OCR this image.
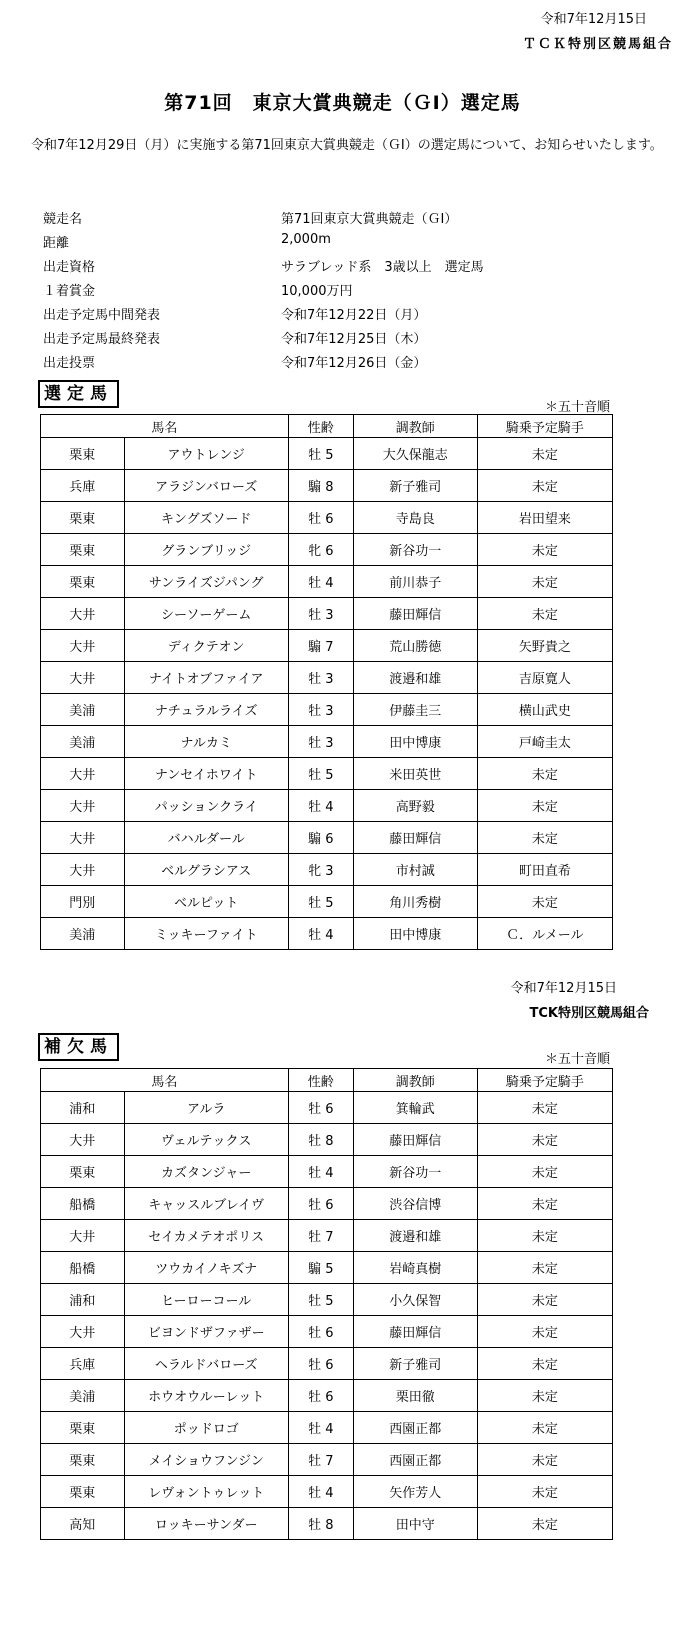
令和7年12月15日
ＴＣＫ特別区競馬組合
第71回　東京大賞典競走（ＧⅠ）選定馬
　令和7年12月29日（月）に実施する第71回東京大賞典競走（ＧⅠ）の選定馬について、お知らせいたします。
競走名	第71回東京大賞典競走（ＧⅠ）
距離	2,000m
出走資格	サラブレッド系　3歳以上　選定馬
１着賞金	10,000万円
出走予定馬中間発表	令和7年12月22日（月）
出走予定馬最終発表	令和7年12月25日（木）
出走投票	令和7年12月26日（金）
選定馬
＊五十音順
馬名		性齢	調教師	騎乗予定騎手
栗東	アウトレンジ	牡 5	大久保龍志	未定
兵庫	アラジンバローズ	騸 8	新子雅司	未定
栗東	キングズソード	牡 6	寺島良	岩田望来
栗東	グランブリッジ	牝 6	新谷功一	未定
栗東	サンライズジパング	牡 4	前川恭子	未定
大井	シーソーゲーム	牡 3	藤田輝信	未定
大井	ディクテオン	騸 7	荒山勝徳	矢野貴之
大井	ナイトオブファイア	牡 3	渡邉和雄	吉原寛人
美浦	ナチュラルライズ	牡 3	伊藤圭三	横山武史
美浦	ナルカミ	牡 3	田中博康	戸崎圭太
大井	ナンセイホワイト	牡 5	米田英世	未定
大井	パッションクライ	牡 4	高野毅	未定
大井	バハルダール	騸 6	藤田輝信	未定
大井	ベルグラシアス	牝 3	市村誠	町田直希
門別	ベルピット	牡 5	角川秀樹	未定
美浦	ミッキーファイト	牡 4	田中博康	Ｃ．ルメール
令和7年12月15日
TCK特別区競馬組合
補欠馬
＊五十音順
馬名		性齢	調教師	騎乗予定騎手
浦和	アルラ	牡 6	箕輪武	未定
大井	ヴェルテックス	牡 8	藤田輝信	未定
栗東	カズタンジャー	牡 4	新谷功一	未定
船橋	キャッスルブレイヴ	牡 6	渋谷信博	未定
大井	セイカメテオポリス	牡 7	渡邉和雄	未定
船橋	ツウカイノキズナ	騸 5	岩崎真樹	未定
浦和	ヒーローコール	牡 5	小久保智	未定
大井	ビヨンドザファザー	牡 6	藤田輝信	未定
兵庫	ヘラルドバローズ	牡 6	新子雅司	未定
美浦	ホウオウルーレット	牡 6	栗田徹	未定
栗東	ポッドロゴ	牡 4	西園正都	未定
栗東	メイショウフンジン	牡 7	西園正都	未定
栗東	レヴォントゥレット	牡 4	矢作芳人	未定
高知	ロッキーサンダー	牡 8	田中守	未定
